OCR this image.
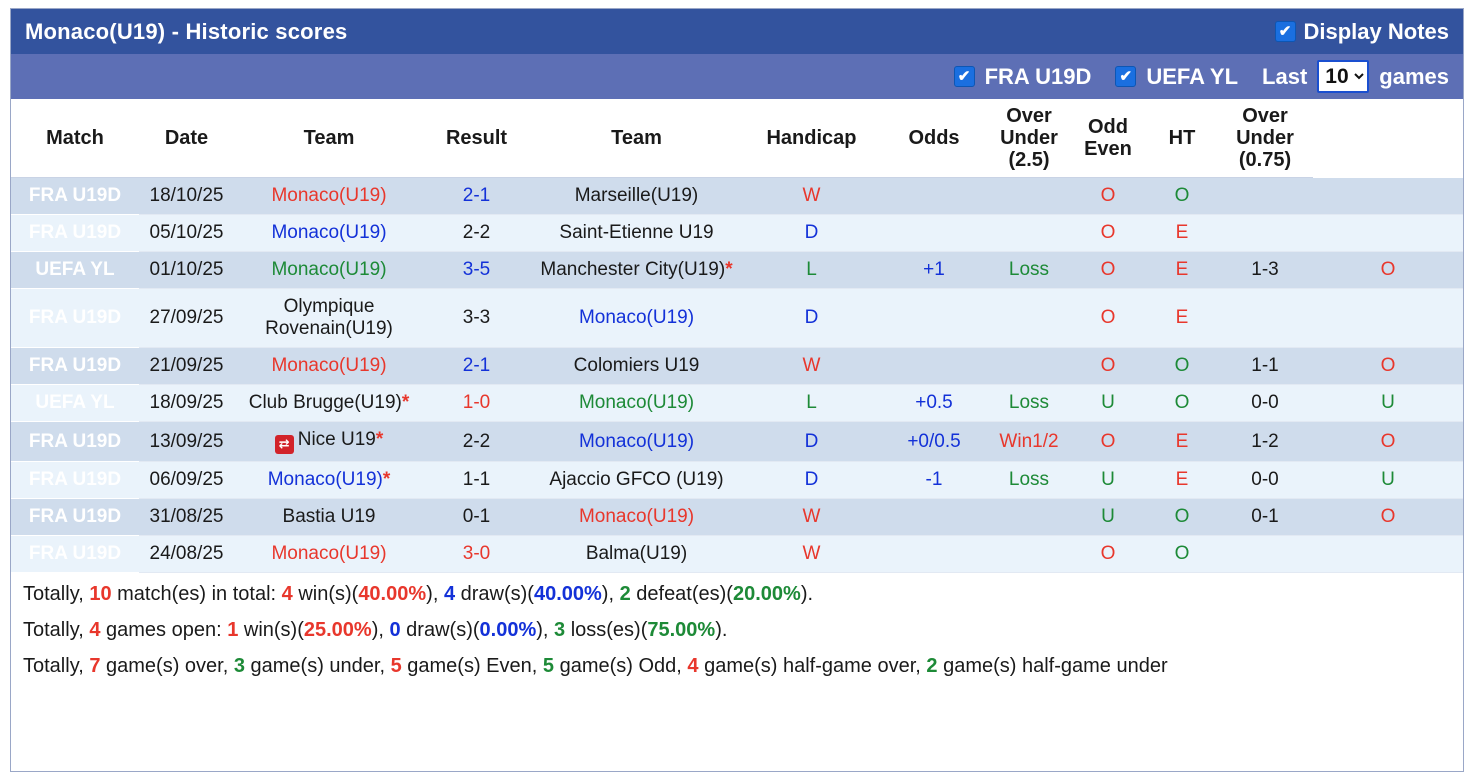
Monaco(U19) - Historic scores	✔ Display Notes
✔ FRA U19D ✔ UEFA YL Last
10	games
Match	Date	Team	Result	Team	Handicap	Odds	Over
Under
(2.5)	Odd
Even	HT	Over
Under
(0.75)	
FRA U19D	18/10/25	Monaco(U19)	2-1	Marseille(U19)	W			O	O		
FRA U19D	05/10/25	Monaco(U19)	2-2	Saint-Etienne U19	D			O	E		
UEFA YL	01/10/25	Monaco(U19)	3-5	Manchester City(U19)*	L	+1	Loss	O	E	1-3	O
FRA U19D	27/09/25	Olympique Rovenain(U19)	3-3	Monaco(U19)	D			O	E		
FRA U19D	21/09/25	Monaco(U19)	2-1	Colomiers U19	W			O	O	1-1	O
UEFA YL	18/09/25	Club Brugge(U19)*	1-0	Monaco(U19)	L	+0.5	Loss	U	O	0-0	U
FRA U19D	13/09/25	⇄ Nice U19*	2-2	Monaco(U19)	D	+0/0.5	Win1/2	O	E	1-2	O
FRA U19D	06/09/25	Monaco(U19)*	1-1	Ajaccio GFCO (U19)	D	-1	Loss	U	E	0-0	U
FRA U19D	31/08/25	Bastia U19	0-1	Monaco(U19)	W			U	O	0-1	O
FRA U19D	24/08/25	Monaco(U19)	3-0	Balma(U19)	W			O	O		

Totally, 10 match(es) in total: 4 win(s)(40.00%), 4 draw(s)(40.00%), 2 defeat(es)(20.00%).

Totally, 4 games open: 1 win(s)(25.00%), 0 draw(s)(0.00%), 3 loss(es)(75.00%).

Totally, 7 game(s) over, 3 game(s) under, 5 game(s) Even, 5 game(s) Odd, 4 game(s) half-game over, 2 game(s) half-game under
